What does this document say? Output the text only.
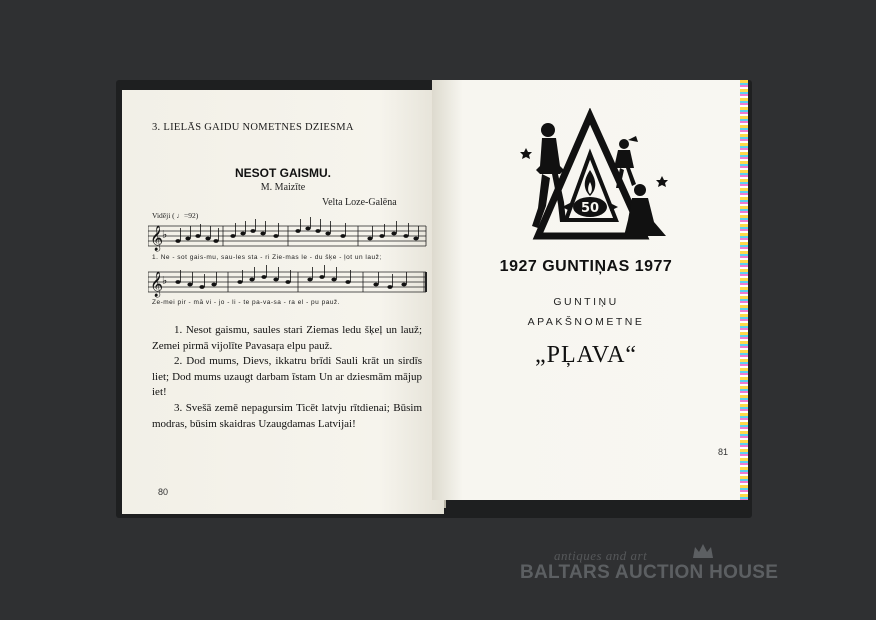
3. LIELĀS GAIDU NOMETNES DZIESMA
NESOT GAISMU.
M. Maizīte
Velta Loze-Galēna
Vidēji ( ♩=92)
𝄞
♭
1. Ne - sot gais-mu, sau-les sta - ri Zie-mas le - du šķe - ļot un lauž;
𝄞
♭
Ze-mei pir - mā vi - jo - li - te pa-va-sa - ra el - pu pauž.

1. Nesot gaismu, saules stari Ziemas ledu šķeļ un lauž; Zemei pirmā vijolīte Pavasaŗa elpu pauž.

2. Dod mums, Dievs, ikkatru brīdi Sauli krāt un sirdīs liet; Dod mums uzaugt darbam īstam Un ar dziesmām mājup iet!

3. Svešā zemē nepagursim Ticēt latvju rītdienai; Būsim modras, būsim skaidras Uzaugdamas Latvijai!

80
50
1927 GUNTIŅAS 1977
GUNTIŅU
APAKŠNOMETNE
„PĻAVA“
81
antiques and art
BALTARS AUCTION HOUSE
